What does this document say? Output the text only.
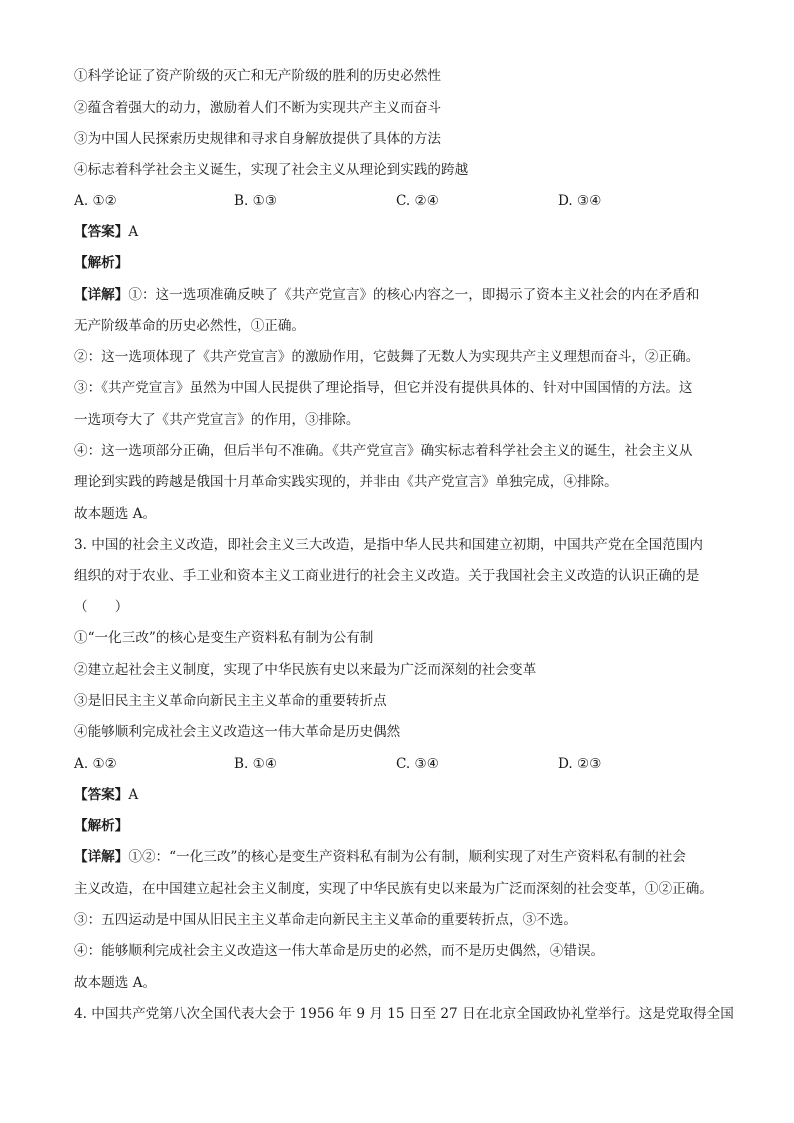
①科学论证了资产阶级的灭亡和无产阶级的胜利的历史必然性
②蕴含着强大的动力，激励着人们不断为实现共产主义而奋斗
③为中国人民探索历史规律和寻求自身解放提供了具体的方法
④标志着科学社会主义诞生，实现了社会主义从理论到实践的跨越
A. ①②	B. ①③	C. ②④	D. ③④
【答案】A
【解析】
【详解】①：这一选项准确反映了《共产党宣言》的核心内容之一，即揭示了资本主义社会的内在矛盾和
无产阶级革命的历史必然性，①正确。
②：这一选项体现了《共产党宣言》的激励作用，它鼓舞了无数人为实现共产主义理想而奋斗，②正确。
③：《共产党宣言》虽然为中国人民提供了理论指导，但它并没有提供具体的、针对中国国情的方法。这
一选项夸大了《共产党宣言》的作用，③排除。
④：这一选项部分正确，但后半句不准确。《共产党宣言》确实标志着科学社会主义的诞生，社会主义从
理论到实践的跨越是俄国十月革命实践实现的，并非由《共产党宣言》单独完成，④排除。
故本题选 A。
3. 中国的社会主义改造，即社会主义三大改造，是指中华人民共和国建立初期，中国共产党在全国范围内
组织的对于农业、手工业和资本主义工商业进行的社会主义改造。关于我国社会主义改造的认识正确的是
（　　）
①“一化三改”的核心是变生产资料私有制为公有制
②建立起社会主义制度，实现了中华民族有史以来最为广泛而深刻的社会变革
③是旧民主主义革命向新民主主义革命的重要转折点
④能够顺利完成社会主义改造这一伟大革命是历史偶然
A. ①②	B. ①④	C. ③④	D. ②③
【答案】A
【解析】
【详解】①②：“一化三改”的核心是变生产资料私有制为公有制，顺利实现了对生产资料私有制的社会
主义改造，在中国建立起社会主义制度，实现了中华民族有史以来最为广泛而深刻的社会变革，①②正确。
③：五四运动是中国从旧民主主义革命走向新民主主义革命的重要转折点，③不选。
④：能够顺利完成社会主义改造这一伟大革命是历史的必然，而不是历史偶然，④错误。
故本题选 A。
4. 中国共产党第八次全国代表大会于 1956 年 9 月 15 日至 27 日在北京全国政协礼堂举行。这是党取得全国
